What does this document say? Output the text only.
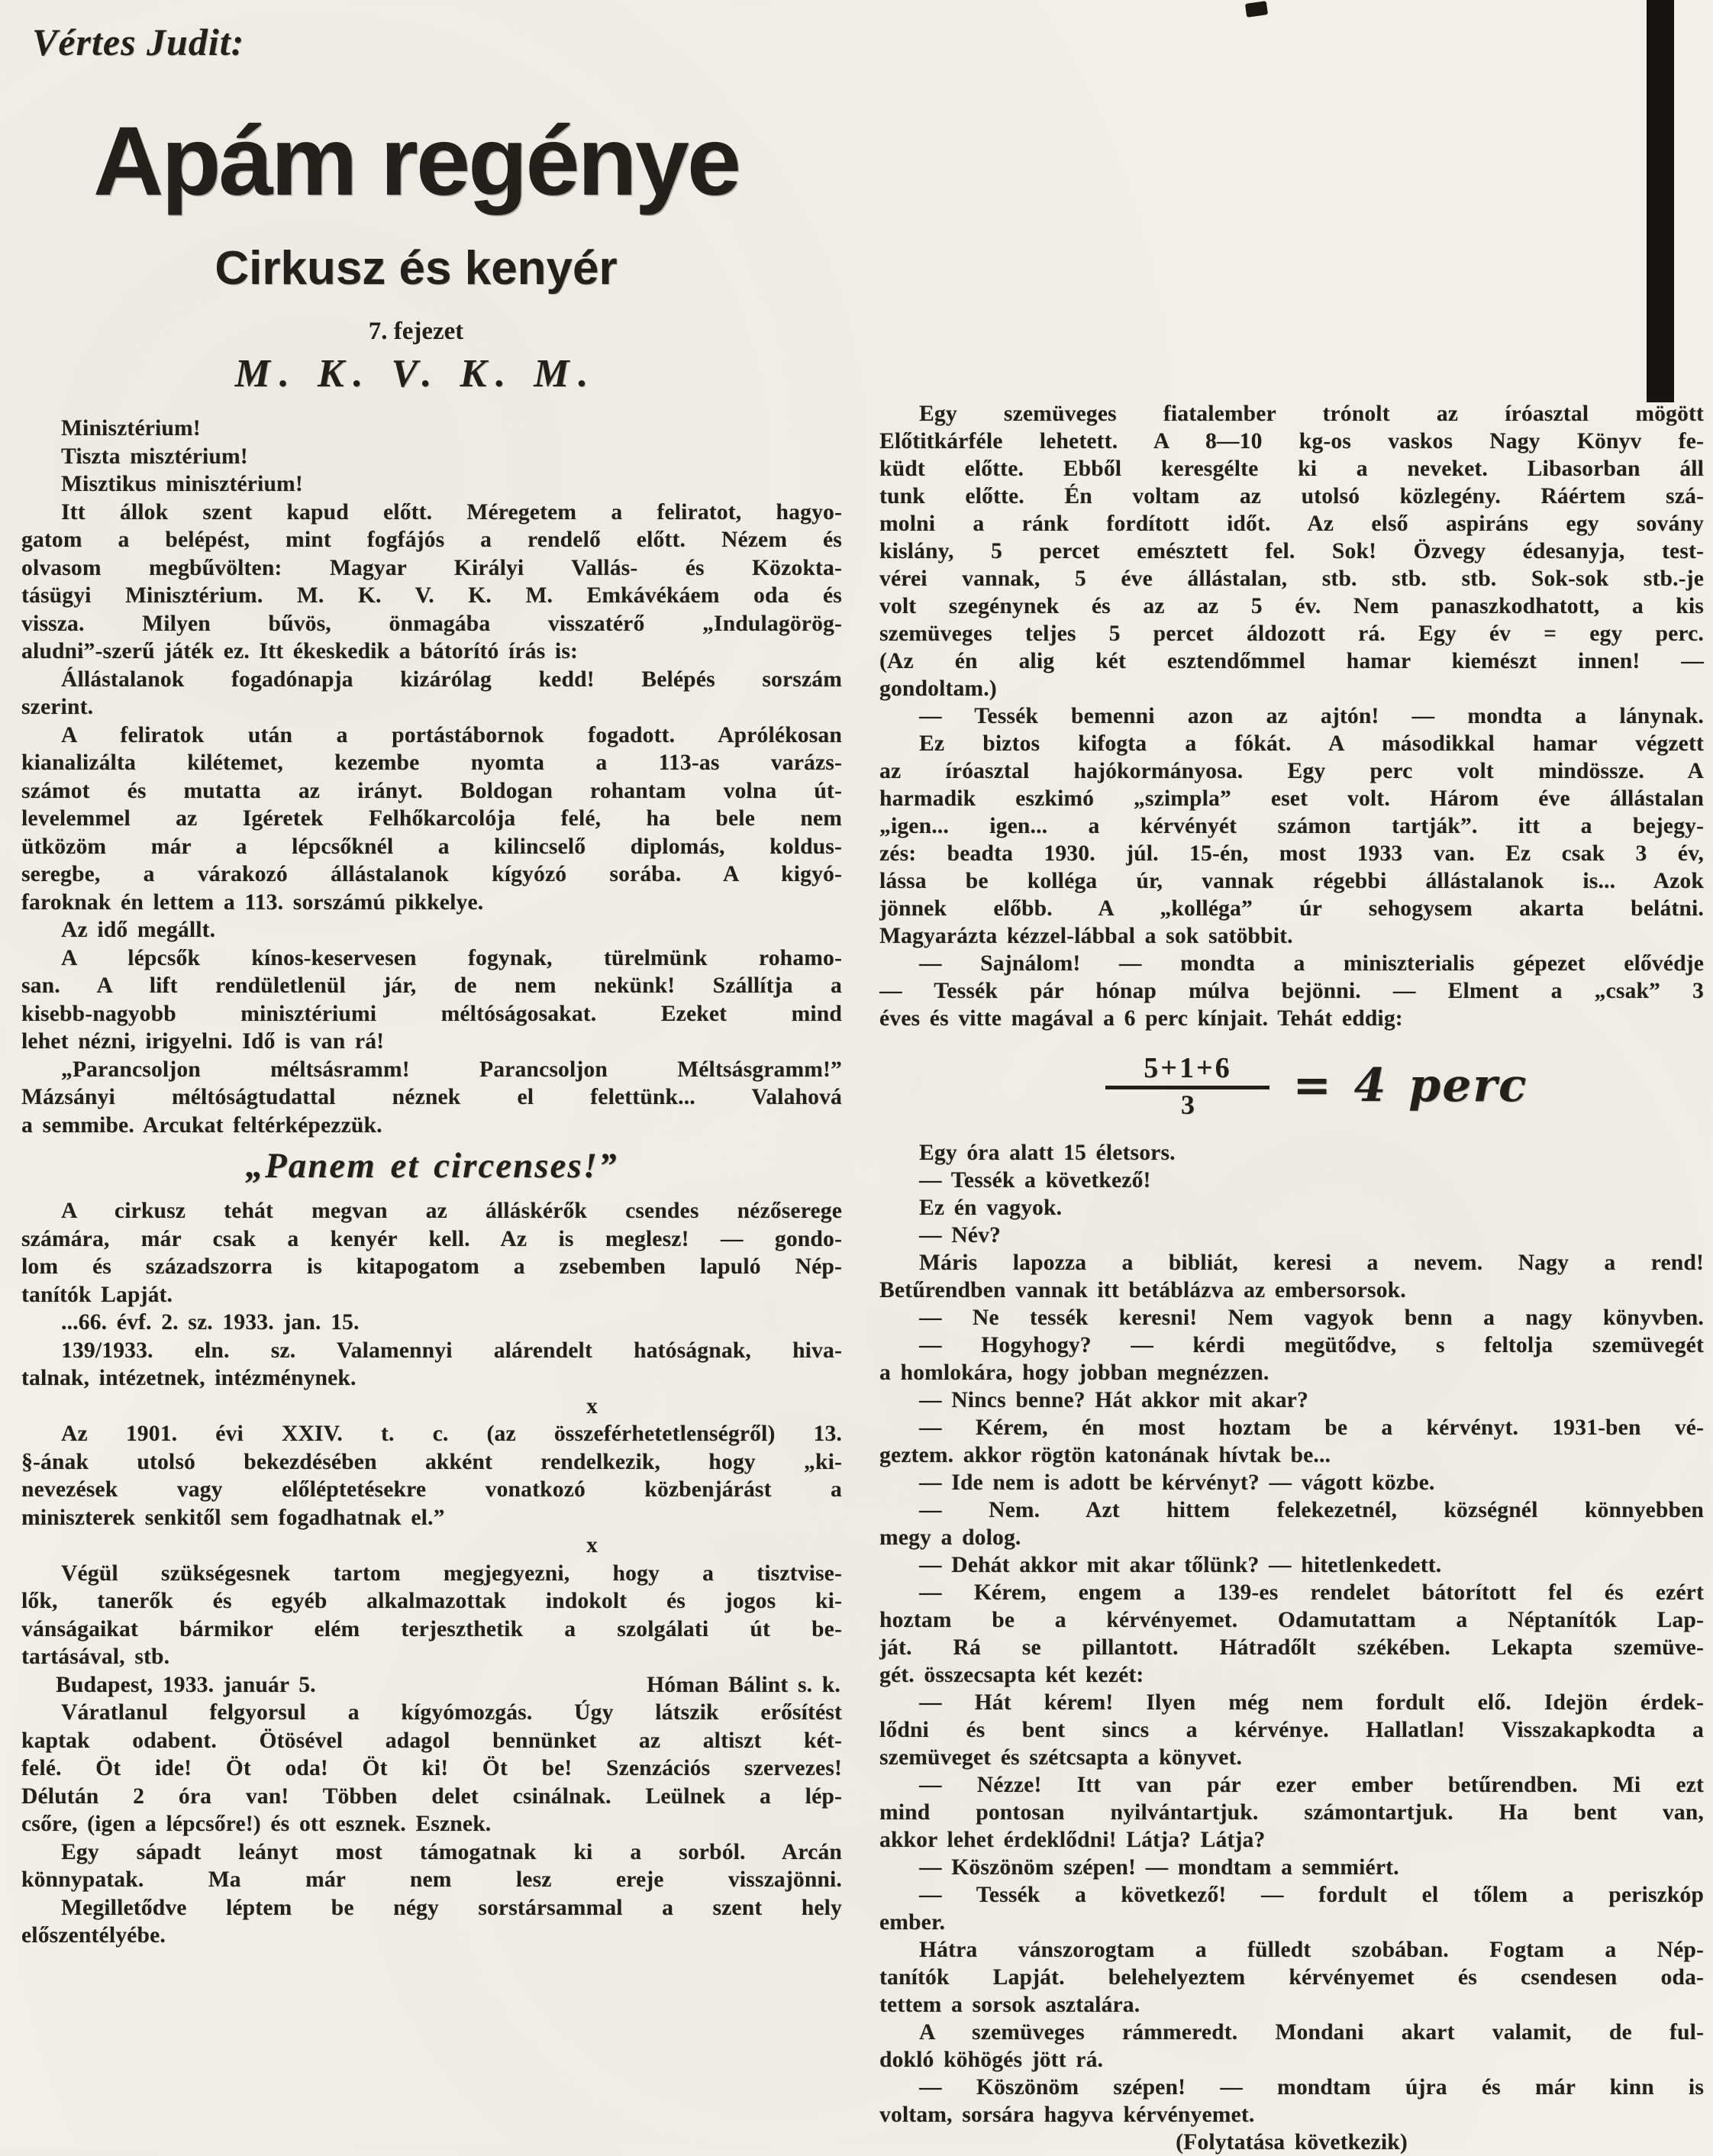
Vértes Judit:
Apám regénye
Cirkusz és kenyér
7. fejezet
M. K. V. K. M.
Minisztérium!
Tiszta misztérium!
Misztikus minisztérium!
Itt állok szent kapud előtt. Méregetem a feliratot, hagyo-
gatom a belépést, mint fogfájós a rendelő előtt. Nézem és
olvasom megbűvölten: Magyar Királyi Vallás- és Közokta-
tásügyi Minisztérium. M. K. V. K. M. Emkávékáem oda és
vissza. Milyen bűvös, önmagába visszatérő „Indulagörög-
aludni”-szerű játék ez. Itt ékeskedik a bátorító írás is:
Állástalanok fogadónapja kizárólag kedd! Belépés sorszám
szerint.
A feliratok után a portástábornok fogadott. Aprólékosan
kianalizálta kilétemet, kezembe nyomta a 113-as varázs-
számot és mutatta az irányt. Boldogan rohantam volna út-
levelemmel az Igéretek Felhőkarcolója felé, ha bele nem
ütközöm már a lépcsőknél a kilincselő diplomás, koldus-
seregbe, a várakozó állástalanok kígyózó sorába. A kigyó-
faroknak én lettem a 113. sorszámú pikkelye.
Az idő megállt.
A lépcsők kínos-keservesen fogynak, türelmünk rohamo-
san. A lift rendületlenül jár, de nem nekünk! Szállítja a
kisebb-nagyobb minisztériumi méltóságosakat. Ezeket mind
lehet nézni, irigyelni. Idő is van rá!
„Parancsoljon méltsásramm! Parancsoljon Méltsásgramm!”
Mázsányi méltóságtudattal néznek el felettünk... Valahová
a semmibe. Arcukat feltérképezzük.
„Panem et circenses!”
A cirkusz tehát megvan az álláskérők csendes nézőserege
számára, már csak a kenyér kell. Az is meglesz! — gondo-
lom és századszorra is kitapogatom a zsebemben lapuló Nép-
tanítók Lapját.
...66. évf. 2. sz. 1933. jan. 15.
139/1933. eln. sz. Valamennyi alárendelt hatóságnak, hiva-
talnak, intézetnek, intézménynek.
x
Az 1901. évi XXIV. t. c. (az összeférhetetlenségről) 13.
§-ának utolsó bekezdésében akként rendelkezik, hogy „ki-
nevezések vagy előléptetésekre vonatkozó közbenjárást a
miniszterek senkitől sem fogadhatnak el.”
x
Végül szükségesnek tartom megjegyezni, hogy a tisztvise-
lők, tanerők és egyéb alkalmazottak indokolt és jogos ki-
vánságaikat bármikor elém terjeszthetik a szolgálati út be-
tartásával, stb.
Budapest, 1933. január 5.	Hóman Bálint s. k.
Váratlanul felgyorsul a kígyómozgás. Úgy látszik erősítést
kaptak odabent. Ötösével adagol bennünket az altiszt két-
felé. Öt ide! Öt oda! Öt ki! Öt be! Szenzációs szervezes!
Délután 2 óra van! Többen delet csinálnak. Leülnek a lép-
csőre, (igen a lépcsőre!) és ott esznek. Esznek.
Egy sápadt leányt most támogatnak ki a sorból. Arcán
könnypatak. Ma már nem lesz ereje visszajönni.
Megilletődve léptem be négy sorstársammal a szent hely
előszentélyébe.
Egy szemüveges fiatalember trónolt az íróasztal mögött
Előtitkárféle lehetett. A 8—10 kg-os vaskos Nagy Könyv fe-
küdt előtte. Ebből keresgélte ki a neveket. Libasorban áll
tunk előtte. Én voltam az utolsó közlegény. Ráértem szá-
molni a ránk fordított időt. Az első aspiráns egy sovány
kislány, 5 percet emésztett fel. Sok! Özvegy édesanyja, test-
vérei vannak, 5 éve állástalan, stb. stb. stb. Sok-sok stb.-je
volt szegénynek és az az 5 év. Nem panaszkodhatott, a kis
szemüveges teljes 5 percet áldozott rá. Egy év = egy perc.
(Az én alig két esztendőmmel hamar kiemészt innen! —
gondoltam.)
— Tessék bemenni azon az ajtón! — mondta a lánynak.
Ez biztos kifogta a fókát. A másodikkal hamar végzett
az íróasztal hajókormányosa. Egy perc volt mindössze. A
harmadik eszkimó „szimpla” eset volt. Három éve állástalan
„igen... igen... a kérvényét számon tartják”. itt a bejegy-
zés: beadta 1930. júl. 15-én, most 1933 van. Ez csak 3 év,
lássa be kolléga úr, vannak régebbi állástalanok is... Azok
jönnek előbb. A „kolléga” úr sehogysem akarta belátni.
Magyarázta kézzel-lábbal a sok satöbbit.
— Sajnálom! — mondta a miniszterialis gépezet elővédje
— Tessék pár hónap múlva bejönni. — Elment a „csak” 3
éves és vitte magával a 6 perc kínjait. Tehát eddig:
5+1+6
3 = 4 perc
Egy óra alatt 15 életsors.
— Tessék a következő!
Ez én vagyok.
— Név?
Máris lapozza a bibliát, keresi a nevem. Nagy a rend!
Betűrendben vannak itt betáblázva az embersorsok.
— Ne tessék keresni! Nem vagyok benn a nagy könyvben.
— Hogyhogy? — kérdi megütődve, s feltolja szemüvegét
a homlokára, hogy jobban megnézzen.
— Nincs benne? Hát akkor mit akar?
— Kérem, én most hoztam be a kérvényt. 1931-ben vé-
geztem. akkor rögtön katonának hívtak be...
— Ide nem is adott be kérvényt? — vágott közbe.
— Nem. Azt hittem felekezetnél, községnél könnyebben
megy a dolog.
— Dehát akkor mit akar tőlünk? — hitetlenkedett.
— Kérem, engem a 139-es rendelet bátorított fel és ezért
hoztam be a kérvényemet. Odamutattam a Néptanítók Lap-
ját. Rá se pillantott. Hátradőlt székében. Lekapta szemüve-
gét. összecsapta két kezét:
— Hát kérem! Ilyen még nem fordult elő. Idejön érdek-
lődni és bent sincs a kérvénye. Hallatlan! Visszakapkodta a
szemüveget és szétcsapta a könyvet.
— Nézze! Itt van pár ezer ember betűrendben. Mi ezt
mind pontosan nyilvántartjuk. számontartjuk. Ha bent van,
akkor lehet érdeklődni! Látja? Látja?
— Köszönöm szépen! — mondtam a semmiért.
— Tessék a következő! — fordult el tőlem a periszkóp
ember.
Hátra vánszorogtam a fülledt szobában. Fogtam a Nép-
tanítók Lapját. belehelyeztem kérvényemet és csendesen oda-
tettem a sorsok asztalára.
A szemüveges rámmeredt. Mondani akart valamit, de ful-
dokló köhögés jött rá.
— Köszönöm szépen! — mondtam újra és már kinn is
voltam, sorsára hagyva kérvényemet.
(Folytatása következik)
